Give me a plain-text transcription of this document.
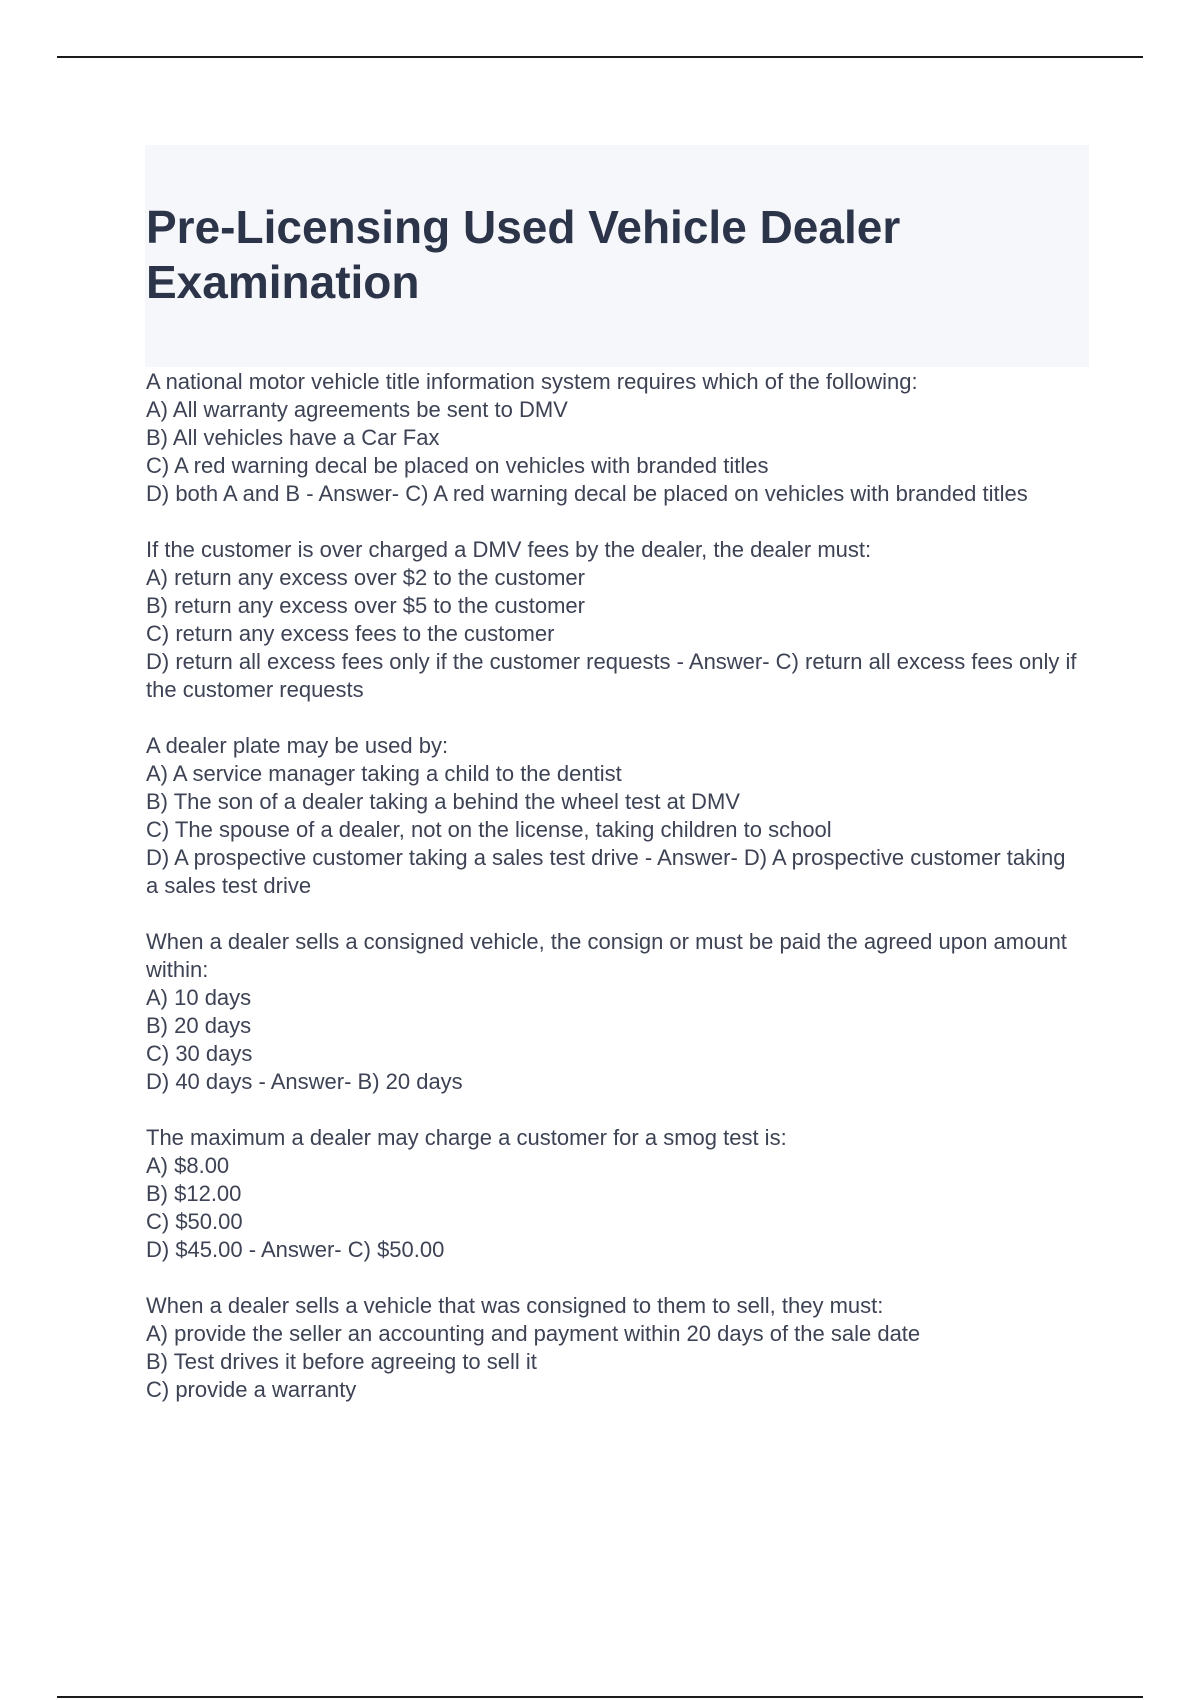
Pre-Licensing Used Vehicle Dealer Examination

A national motor vehicle title information system requires which of the following:

A) All warranty agreements be sent to DMV

B) All vehicles have a Car Fax

C) A red warning decal be placed on vehicles with branded titles

D) both A and B - Answer- C) A red warning decal be placed on vehicles with branded titles

If the customer is over charged a DMV fees by the dealer, the dealer must:

A) return any excess over $2 to the customer

B) return any excess over $5 to the customer

C) return any excess fees to the customer

D) return all excess fees only if the customer requests - Answer- C) return all excess fees only if the customer requests

A dealer plate may be used by:

A) A service manager taking a child to the dentist

B) The son of a dealer taking a behind the wheel test at DMV

C) The spouse of a dealer, not on the license, taking children to school

D) A prospective customer taking a sales test drive - Answer- D) A prospective customer taking a sales test drive

When a dealer sells a consigned vehicle, the consign or must be paid the agreed upon amount within:

A) 10 days

B) 20 days

C) 30 days

D) 40 days - Answer- B) 20 days

The maximum a dealer may charge a customer for a smog test is:

A) $8.00

B) $12.00

C) $50.00

D) $45.00 - Answer- C) $50.00

When a dealer sells a vehicle that was consigned to them to sell, they must:

A) provide the seller an accounting and payment within 20 days of the sale date

B) Test drives it before agreeing to sell it

C) provide a warranty
